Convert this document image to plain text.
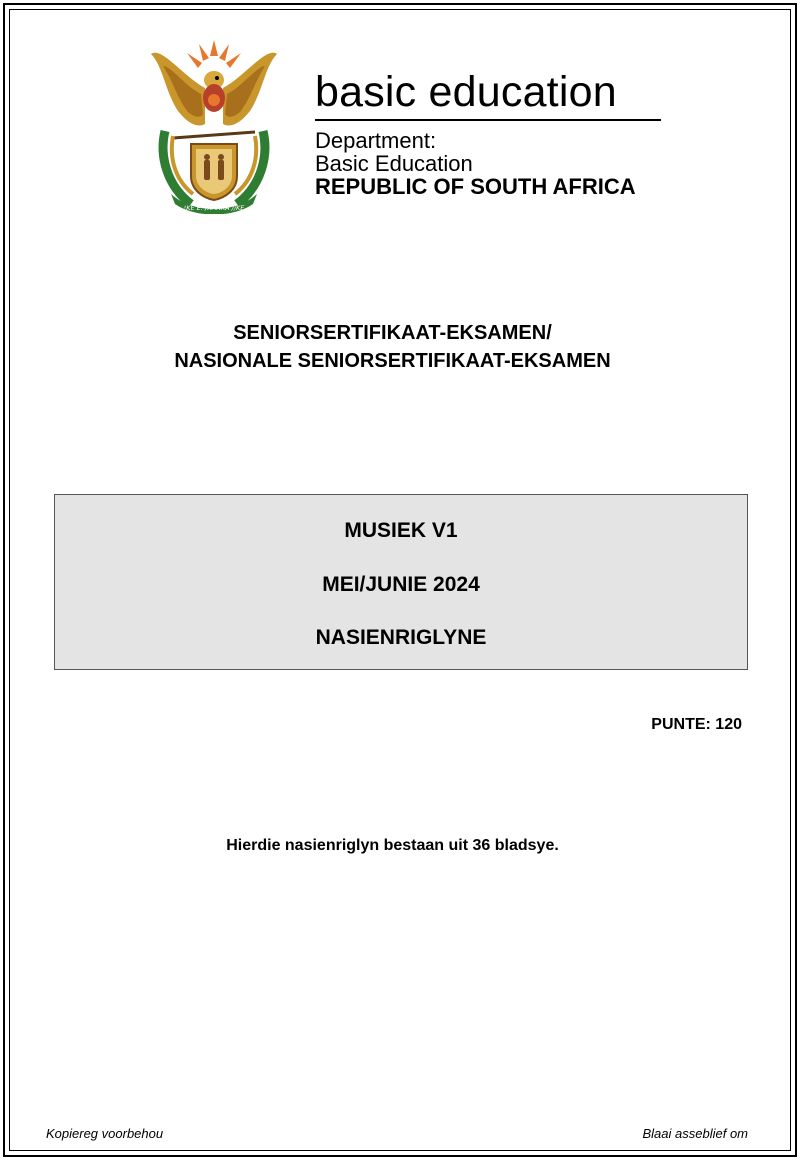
!KE E: /XARRA //KE
basic education
Department:
Basic Education
REPUBLIC OF SOUTH AFRICA
SENIORSERTIFIKAAT-EKSAMEN/
NASIONALE SENIORSERTIFIKAAT-EKSAMEN
MUSIEK V1
MEI/JUNIE 2024
NASIENRIGLYNE
PUNTE: 120
Hierdie nasienriglyn bestaan uit 36 bladsye.
Kopiereg voorbehou	Blaai asseblief om
